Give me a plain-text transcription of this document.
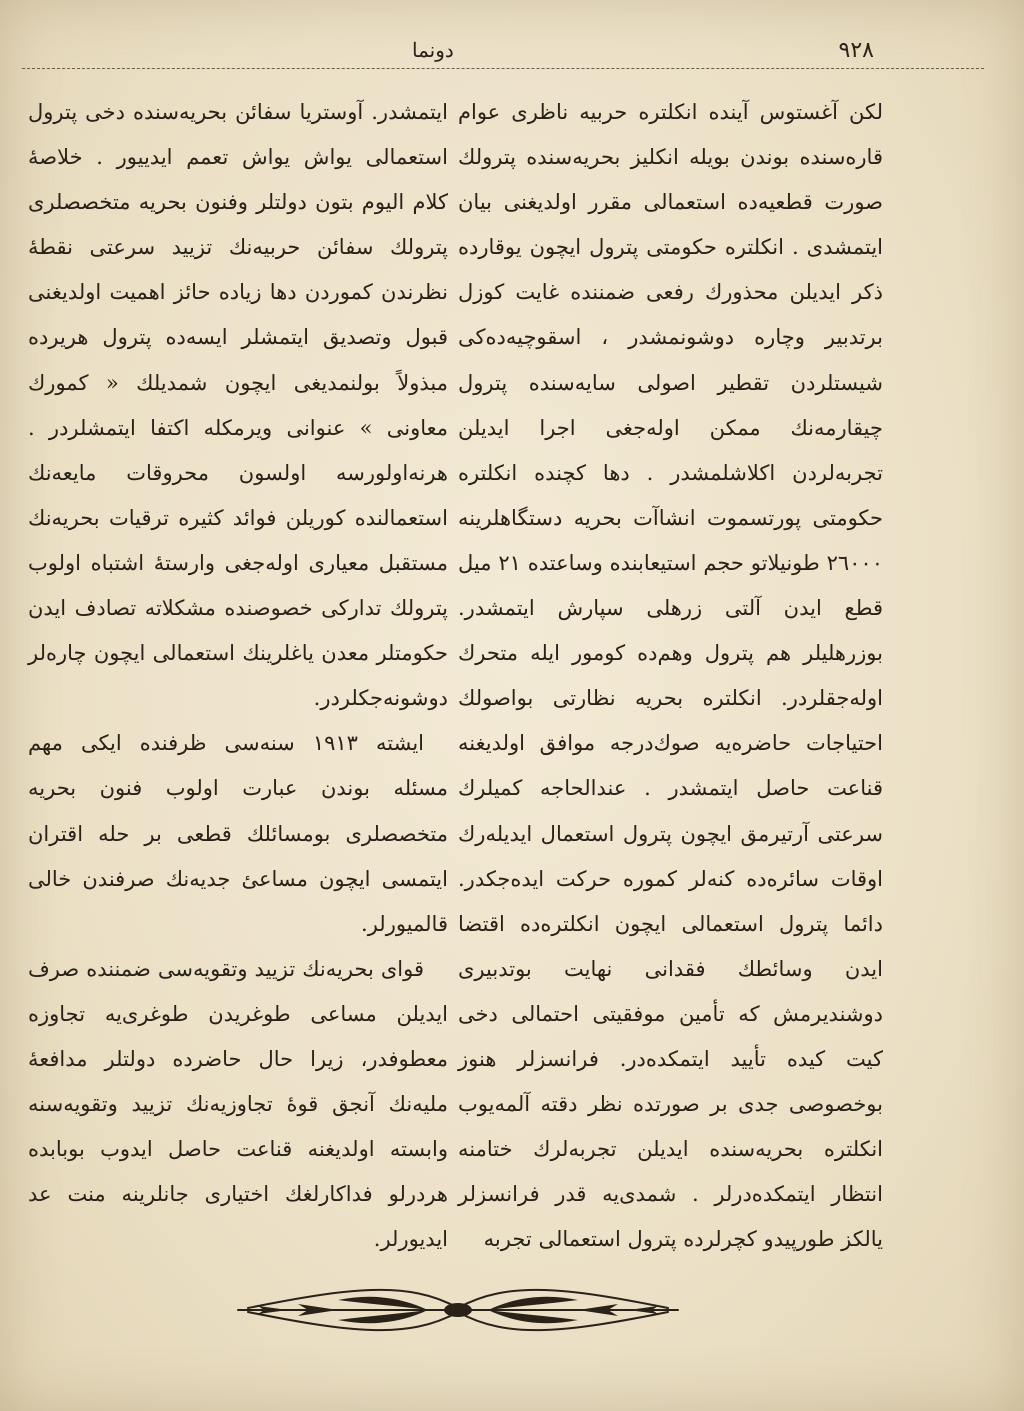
٩٢٨
دونما

لكن آغستوس آینده انكلتره حربیه ناظری عوام قاره‌سنده بوندن بویله انكلیز بحریه‌سنده پترولك صورت قطعیه‌ده استعمالی مقرر اولدیغنی بیان ایتمشدی . انكلتره حكومتی پترول ایچون یوقارده ذكر ایدیلن محذورك رفعی ضمننده غایت كوزل برتدبیر وچاره دوشونمشدر ، اسقوچیه‌ده‌كی شیستلردن تقطیر اصولی سایه‌سنده پترول چیقارمه‌نك ممكن اوله‌جغی اجرا ایدیلن تجربه‌لردن اكلاشلمشدر . دها كچنده انكلتره حكومتی پورتسموت انشاآت بحریه دستگاهلرینه ٢٦٠٠٠ طونیلاتو حجم استیعابنده وساعتده ٢١ میل قطع ایدن آلتی زرهلی سپارش ایتمشدر. بوزرهلیلر هم پترول وهم‌ده كومور ایله متحرك اوله‌جقلردر. انكلتره بحریه نظارتی بواصولك احتیاجات حاضره‌یه صوك‌درجه موافق اولدیغنه قناعت حاصل ایتمشدر . عندالحاجه كمیلرك سرعتی آرتیرمق ایچون پترول استعمال ایدیله‌رك اوقات سائره‌ده كنه‌لر كموره حركت ایده‌جكدر. دائما پترول استعمالی ایچون انكلتره‌ده اقتضا ایدن وسائطك فقدانی نهایت بوتدبیری دوشندیرمش كه تأمین موفقیتی احتمالی دخی كیت كیده تأیید ایتمكده‌در. فرانسزلر هنوز بوخصوصی جدی بر صورتده نظر دقته آلمه‌یوب انكلتره بحریه‌سنده ایدیلن تجربه‌لرك ختامنه انتظار ایتمكده‌درلر . شمدی‌یه قدر فرانسزلر یالكز طورپیدو كچرلرده پترول استعمالی تجربه

ایتمشدر. آوستریا سفائن بحریه‌سنده دخی پترول استعمالی یواش یواش تعمم ایدییور . خلاصهٔ كلام الیوم بتون دولتلر وفنون بحریه متخصصلری پترولك سفائن حربیه‌نك تزیید سرعتی نقطهٔ نظرندن كموردن دها زیاده حائز اهمیت اولدیغنی قبول وتصدیق ایتمشلر ایسه‌ده پترول هریرده مبذولاً بولنمدیغی ایچون شمدیلك « كمورك معاونی » عنوانی ویرمكله اكتفا ایتمشلردر . هرنه‌اولورسه اولسون محروقات مایعه‌نك استعمالنده كوریلن فوائد كثیره ترقیات بحریه‌نك مستقبل معیاری اوله‌جغی وارستهٔ اشتباه اولوب پترولك تداركی خصوصنده مشكلاته تصادف ایدن حكومتلر معدن یاغلرینك استعمالی ایچون چاره‌لر دوشونه‌جكلردر.

ایشته ١٩١٣ سنه‌سی ظرفنده ایكی مهم مسئله بوندن عبارت اولوب فنون بحریه متخصصلری بومسائلك قطعی بر حله اقتران ایتمسی ایچون مساعئ جدیه‌نك صرفندن خالی قالمیورلر.

قوای بحریه‌نك تزیید وتقویه‌سی ضمننده صرف ایدیلن مساعی طوغریدن طوغری‌یه تجاوزه معطوفدر، زیرا حال حاضرده دولتلر مدافعهٔ ملیه‌نك آنجق قوهٔ تجاوزیه‌نك تزیید وتقویه‌سنه وابسته اولدیغنه قناعت حاصل ایدوب بوبابده هردرلو فداكارلغك اختیاری جانلرینه منت عد ایدیورلر.
